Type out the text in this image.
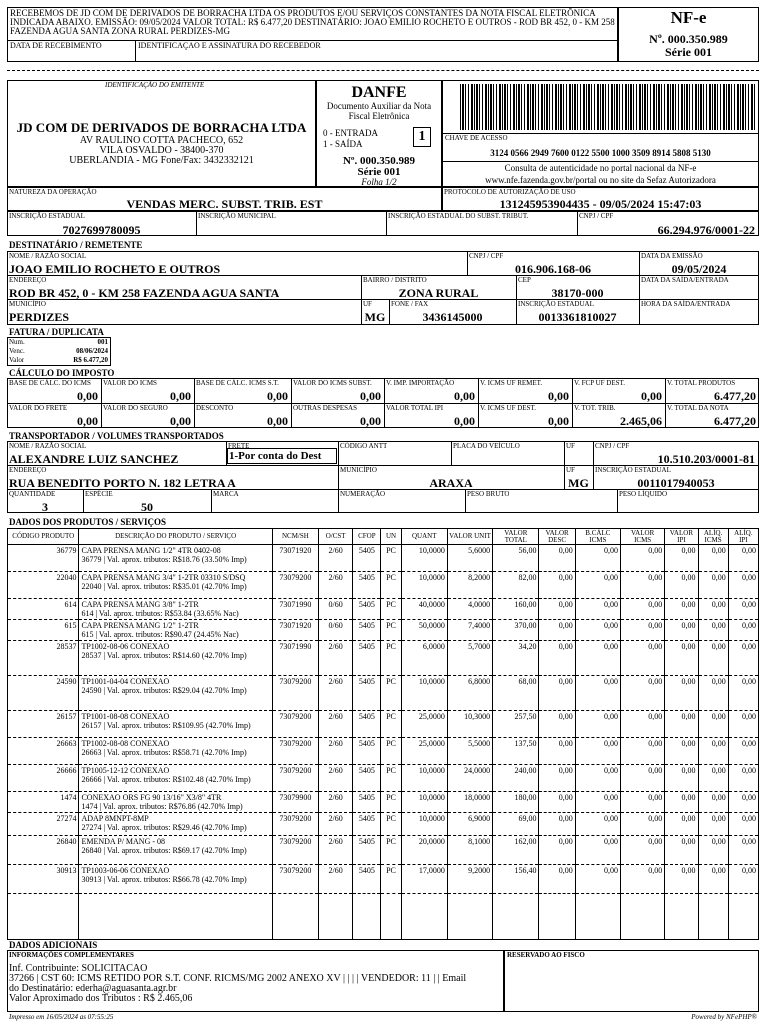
RECEBEMOS DE JD COM DE DERIVADOS DE BORRACHA LTDA OS PRODUTOS E/OU SERVIÇOS CONSTANTES DA NOTA FISCAL ELETRÔNICA INDICADA ABAIXO. EMISSÃO: 09/05/2024 VALOR TOTAL: R$ 6.477,20 DESTINATÁRIO: JOAO EMILIO ROCHETO E OUTROS - ROD BR 452, 0 - KM 258 FAZENDA AGUA SANTA ZONA RURAL PERDIZES-MG
DATA DE RECEBIMENTO	IDENTIFICAÇÃO E ASSINATURA DO RECEBEDOR
NF-e
Nº. 000.350.989
Série 001
IDENTIFICAÇÃO DO EMITENTE
JD COM DE DERIVADOS DE BORRACHA LTDA
AV RAULINO COTTA PACHECO, 652
VILA OSVALDO - 38400-370
UBERLANDIA - MG Fone/Fax: 3432332121
DANFE
Documento Auxiliar da Nota Fiscal Eletrônica
0 - ENTRADA
1 - SAÍDA	1
Nº. 000.350.989
Série 001
Folha 1/2
CHAVE DE ACESSO
3124 0566 2949 7600 0122 5500 1000 3509 8914 5808 5130
Consulta de autenticidade no portal nacional da NF-e
www.nfe.fazenda.gov.br/portal ou no site da Sefaz Autorizadora
NATUREZA DA OPERAÇÃO
VENDAS MERC. SUBST. TRIB. EST
PROTOCOLO DE AUTORIZAÇÃO DE USO
131245953904435 - 09/05/2024 15:47:03
INSCRIÇÃO ESTADUAL
7027699780095
INSCRIÇÃO MUNICIPAL	INSCRIÇÃO ESTADUAL DO SUBST. TRIBUT.	CNPJ / CPF
66.294.976/0001-22
DESTINATÁRIO / REMETENTE
NOME / RAZÃO SOCIAL
JOAO EMILIO ROCHETO E OUTROS
CNPJ / CPF
016.906.168-06
DATA DA EMISSÃO
09/05/2024
ENDEREÇO
ROD BR 452, 0 - KM 258 FAZENDA AGUA SANTA
BAIRRO / DISTRITO
ZONA RURAL
CEP
38170-000
DATA DA SAÍDA/ENTRADA
MUNICÍPIO
PERDIZES
UF
MG
FONE / FAX
3436145000
INSCRIÇÃO ESTADUAL
0013361810027
HORA DA SAÍDA/ENTRADA
FATURA / DUPLICATA
Num.	001
Venc.	08/06/2024
Valor	R$ 6.477,20
CÁLCULO DO IMPOSTO
BASE DE CÁLC. DO ICMS
0,00
VALOR DO ICMS
0,00
BASE DE CÁLC. ICMS S.T.
0,00
VALOR DO ICMS SUBST.
0,00
V. IMP. IMPORTAÇÃO
0,00
V. ICMS UF REMET.
0,00
V. FCP UF DEST.
0,00
V. TOTAL PRODUTOS
6.477,20
VALOR DO FRETE
0,00
VALOR DO SEGURO
0,00
DESCONTO
0,00
OUTRAS DESPESAS
0,00
VALOR TOTAL IPI
0,00
V. ICMS UF DEST.
0,00
V. TOT. TRIB.
2.465,06
V. TOTAL DA NOTA
6.477,20
TRANSPORTADOR / VOLUMES TRANSPORTADOS
NOME / RAZÃO SOCIAL
ALEXANDRE LUIZ SANCHEZ
FRETE
1-Por conta do Dest
CÓDIGO ANTT	PLACA DO VEÍCULO	UF	CNPJ / CPF
10.510.203/0001-81
ENDEREÇO
RUA BENEDITO PORTO N. 182 LETRA A
MUNICÍPIO
ARAXA
UF
MG
INSCRIÇÃO ESTADUAL
0011017940053
QUANTIDADE
3
ESPÉCIE
50
MARCA	NUMERAÇÃO	PESO BRUTO	PESO LÍQUIDO
DADOS DOS PRODUTOS / SERVIÇOS
CÓDIGO PRODUTO	DESCRIÇÃO DO PRODUTO / SERVIÇO	NCM/SH	O/CST	CFOP	UN	QUANT	VALOR UNIT	VALOR TOTAL	VALOR DESC	B.CÁLC ICMS	VALOR ICMS	VALOR IPI	ALÍQ. ICMS	ALÍQ. IPI
36779	CAPA PRENSA MANG 1/2" 4TR 0402-08
36779 | Val. aprox. tributos: R$18.76 (33.50% Imp)	73071920	2/60	5405	PC	10,0000	5,6000	56,00	0,00	0,00	0,00	0,00	0,00	0,00
22040	CAPA PRENSA MANG 3/4" 1-2TR 03310 S/DSQ
22040 | Val. aprox. tributos: R$35.01 (42.70% Imp)	73079200	2/60	5405	PC	10,0000	8,2000	82,00	0,00	0,00	0,00	0,00	0,00	0,00
614	CAPA PRENSA MANG 3/8" 1-2TR
614 | Val. aprox. tributos: R$53.84 (33.65% Nac)	73071990	0/60	5405	PC	40,0000	4,0000	160,00	0,00	0,00	0,00	0,00	0,00	0,00
615	CAPA PRENSA MANG 1/2" 1-2TR
615 | Val. aprox. tributos: R$90.47 (24.45% Nac)	73071920	0/60	5405	PC	50,0000	7,4000	370,00	0,00	0,00	0,00	0,00	0,00	0,00
28537	TP1002-08-06 CONEXAO
28537 | Val. aprox. tributos: R$14.60 (42.70% Imp)	73071990	2/60	5405	PC	6,0000	5,7000	34,20	0,00	0,00	0,00	0,00	0,00	0,00
24590	TP1001-04-04 CONEXAO
24590 | Val. aprox. tributos: R$29.04 (42.70% Imp)	73079200	2/60	5405	PC	10,0000	6,8000	68,00	0,00	0,00	0,00	0,00	0,00	0,00
26157	TP1001-08-08 CONEXAO
26157 | Val. aprox. tributos: R$109.95 (42.70% Imp)	73079200	2/60	5405	PC	25,0000	10,3000	257,50	0,00	0,00	0,00	0,00	0,00	0,00
26663	TP1002-08-08 CONEXAO
26663 | Val. aprox. tributos: R$58.71 (42.70% Imp)	73079200	2/60	5405	PC	25,0000	5,5000	137,50	0,00	0,00	0,00	0,00	0,00	0,00
26666	TP1005-12-12 CONEXAO
26666 | Val. aprox. tributos: R$102.48 (42.70% Imp)	73079200	2/60	5405	PC	10,0000	24,0000	240,00	0,00	0,00	0,00	0,00	0,00	0,00
1474	CONEXAO ORS FG 90 13/16" X3/8" 4TR
1474 | Val. aprox. tributos: R$76.86 (42.70% Imp)	73079900	2/60	5405	PC	10,0000	18,0000	180,00	0,00	0,00	0,00	0,00	0,00	0,00
27274	ADAP 8MNPT-8MP
27274 | Val. aprox. tributos: R$29.46 (42.70% Imp)	73079200	2/60	5405	PC	10,0000	6,9000	69,00	0,00	0,00	0,00	0,00	0,00	0,00
26840	EMENDA P/ MANG - 08
26840 | Val. aprox. tributos: R$69.17 (42.70% Imp)	73079200	2/60	5405	PC	20,0000	8,1000	162,00	0,00	0,00	0,00	0,00	0,00	0,00
30913	TP1003-06-06 CONEXAO
30913 | Val. aprox. tributos: R$66.78 (42.70% Imp)	73079200	2/60	5405	PC	17,0000	9,2000	156,40	0,00	0,00	0,00	0,00	0,00	0,00

DADOS ADICIONAIS
INFORMAÇÕES COMPLEMENTARES
Inf. Contribuinte: SOLICITACAO
37266 | CST 60: ICMS RETIDO POR S.T. CONF. RICMS/MG 2002 ANEXO XV | | | | VENDEDOR: 11 | | Email
do Destinatário: ederha@aguasanta.agr.br
Valor Aproximado dos Tributos : R$ 2.465,06
RESERVADO AO FISCO
Impresso em 16/05/2024 as 07:55:25	Powered by NFePHP®
